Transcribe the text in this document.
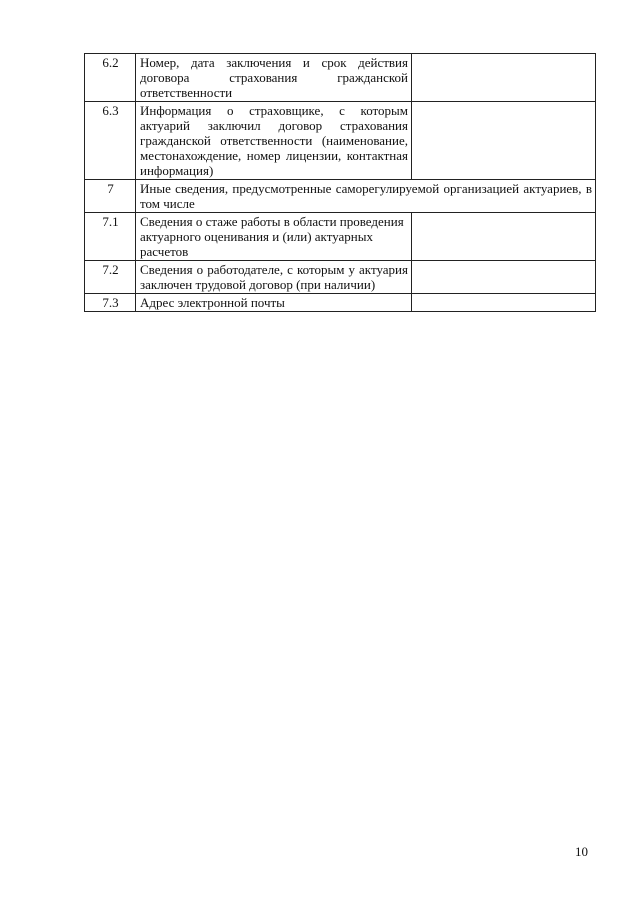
6.2	Номер, дата заключения и срок действия договора страхования гражданской ответственности	
6.3	Информация о страховщике, с которым актуарий заключил договор страхования гражданской ответственности (наименование, местонахождение, номер лицензии, контактная информация)	
7	Иные сведения, предусмотренные саморегулируемой организацией актуариев, в том числе	
7.1	Сведения о стаже работы в области проведения актуарного оценивания и (или) актуарных расчетов	
7.2	Сведения о работодателе, с которым у актуария заключен трудовой договор (при наличии)	
7.3	Адрес электронной почты	
10
